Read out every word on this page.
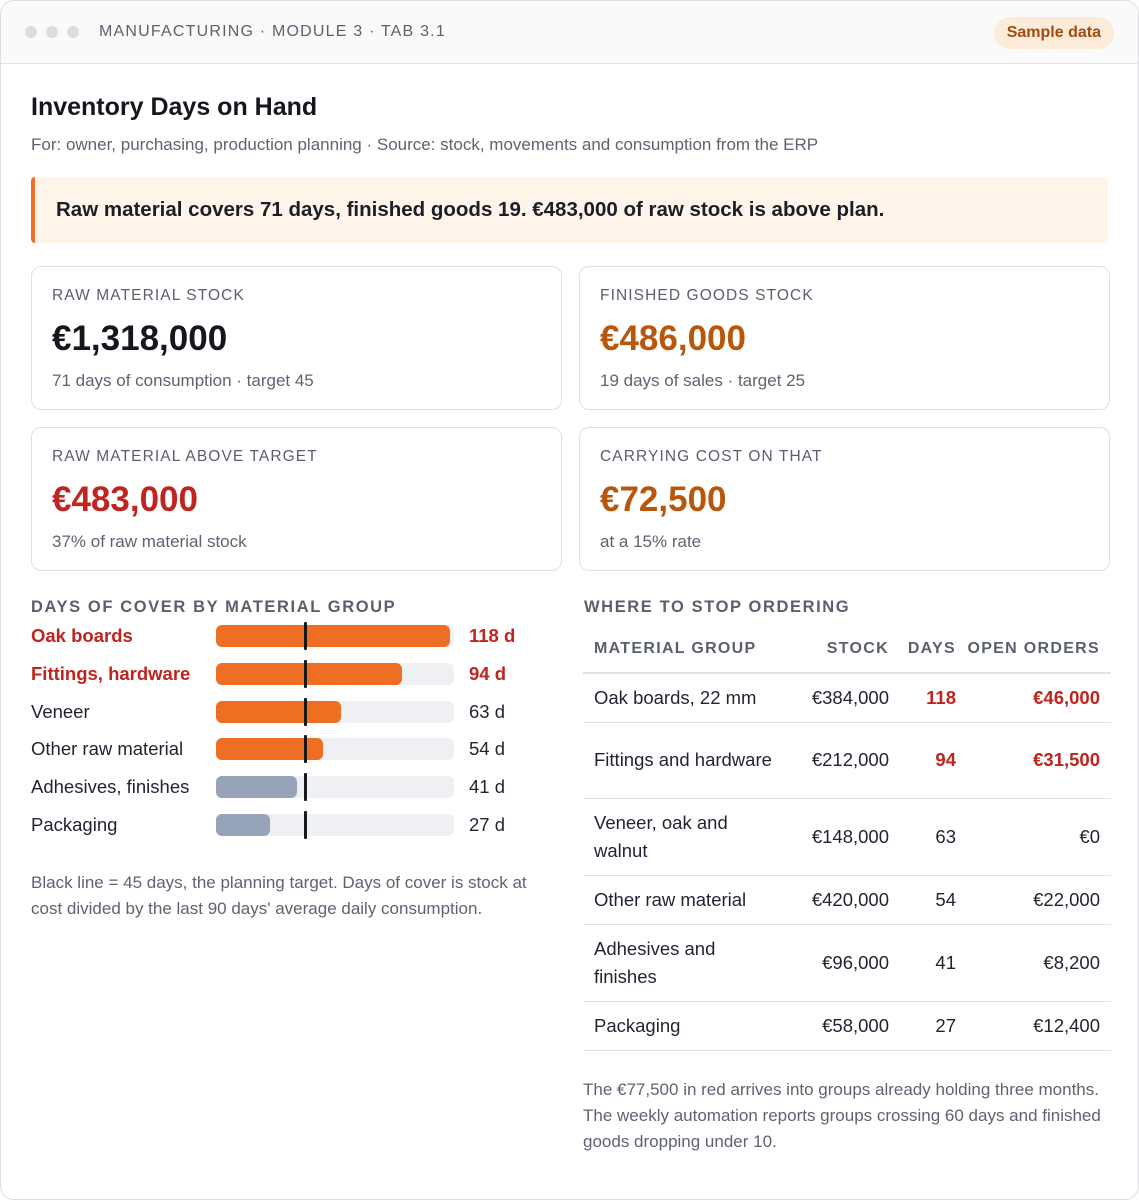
MANUFACTURING · MODULE 3 · TAB 3.1	Sample data
Inventory Days on Hand

For: owner, purchasing, production planning · Source: stock, movements and consumption from the ERP

Raw material covers 71 days, finished goods 19. €483,000 of raw stock is above plan.
RAW MATERIAL STOCK
€1,318,000
71 days of consumption · target 45
FINISHED GOODS STOCK
€486,000
19 days of sales · target 25
RAW MATERIAL ABOVE TARGET
€483,000
37% of raw material stock
CARRYING COST ON THAT
€72,500
at a 15% rate
DAYS OF COVER BY MATERIAL GROUP
Oak boards	118 d
Fittings, hardware	94 d
Veneer	63 d
Other raw material	54 d
Adhesives, finishes	41 d
Packaging	27 d

Black line = 45 days, the planning target. Days of cover is stock at cost divided by the last 90 days' average daily consumption.

WHERE TO STOP ORDERING
MATERIAL GROUP	STOCK	DAYS	OPEN ORDERS
Oak boards, 22 mm	€384,000	118	€46,000
Fittings and hardware	€212,000	94	€31,500
Veneer, oak and walnut	€148,000	63	€0
Other raw material	€420,000	54	€22,000
Adhesives and finishes	€96,000	41	€8,200
Packaging	€58,000	27	€12,400

The €77,500 in red arrives into groups already holding three months. The weekly automation reports groups crossing 60 days and finished goods dropping under 10.
